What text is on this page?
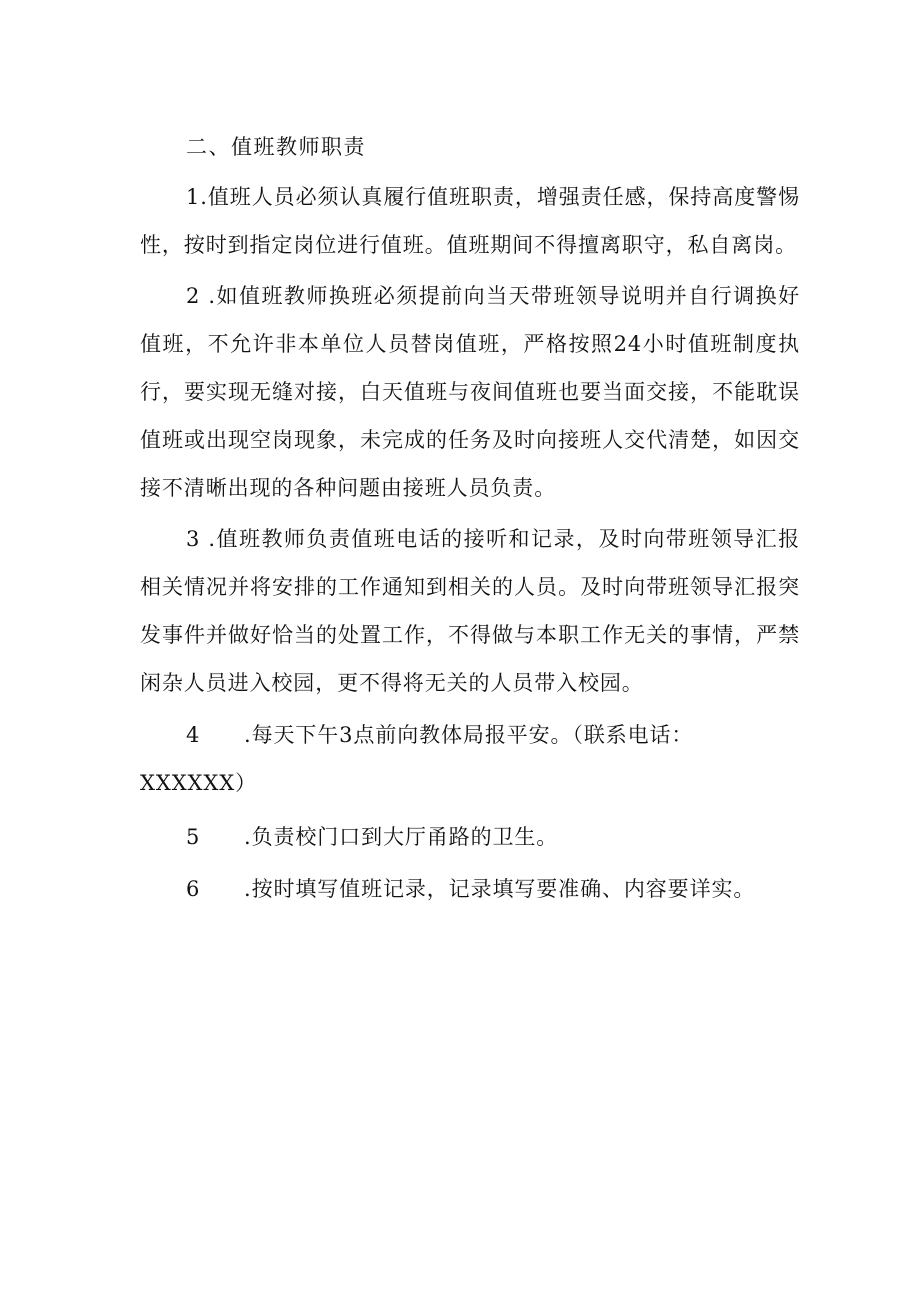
二、值班教师职责

1.值班人员必须认真履行值班职责，增强责任感，保持高度警惕性，按时到指定岗位进行值班。值班期间不得擅离职守，私自离岗。

2 .如值班教师换班必须提前向当天带班领导说明并自行调换好值班，不允许非本单位人员替岗值班，严格按照24小时值班制度执行，要实现无缝对接，白天值班与夜间值班也要当面交接，不能耽误值班或出现空岗现象，未完成的任务及时向接班人交代清楚，如因交接不清晰出现的各种问题由接班人员负责。

3 .值班教师负责值班电话的接听和记录，及时向带班领导汇报相关情况并将安排的工作通知到相关的人员。及时向带班领导汇报突发事件并做好恰当的处置工作，不得做与本职工作无关的事情，严禁闲杂人员进入校园，更不得将无关的人员带入校园。

4 .每天下午3点前向教体局报平安。（联系电话：

XXXXXX）

5 .负责校门口到大厅甬路的卫生。

6 .按时填写值班记录，记录填写要准确、内容要详实。
